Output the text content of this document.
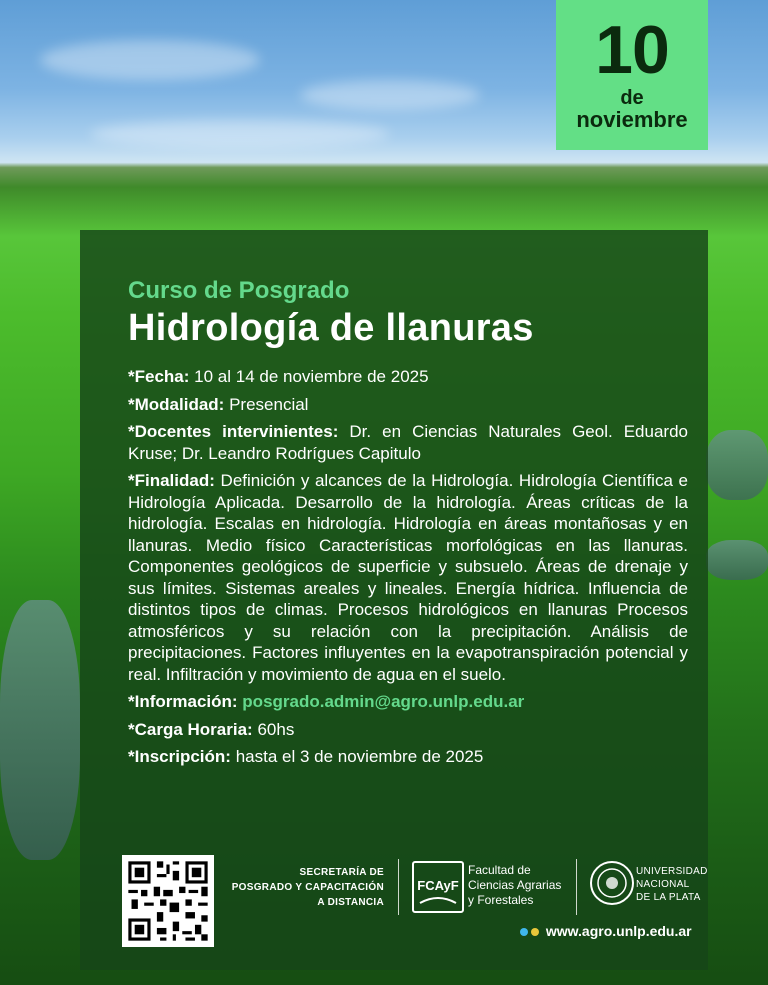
10
de
noviembre

Curso de Posgrado

Hidrología de llanuras

*Fecha: 10 al 14 de noviembre de 2025

*Modalidad: Presencial

*Docentes intervinientes: Dr. en Ciencias Naturales Geol. Eduardo Kruse; Dr. Leandro Rodrígues Capitulo

*Finalidad: Definición y alcances de la Hidrología. Hidrología Científica e Hidrología Aplicada. Desarrollo de la hidrología. Áreas críticas de la hidrología. Escalas en hidrología. Hidrología en áreas montañosas y en llanuras. Medio físico Características morfológicas en las llanuras. Componentes geológicos de superficie y subsuelo. Áreas de drenaje y sus límites. Sistemas areales y lineales. Energía hídrica. Influencia de distintos tipos de climas. Procesos hidrológicos en llanuras Procesos atmosféricos y su relación con la precipitación. Análisis de precipitaciones. Factores influyentes en la evapotranspiración potencial y real. Infiltración y movimiento de agua en el suelo.

*Información: posgrado.admin@agro.unlp.edu.ar

*Carga Horaria: 60hs

*Inscripción: hasta el 3 de noviembre de 2025

SECRETARÍA DE
POSGRADO Y CAPACITACIÓN
A DISTANCIA
FCAyF
Facultad de
Ciencias Agrarias
y Forestales
UNIVERSIDAD
NACIONAL
DE LA PLATA
www.agro.unlp.edu.ar
